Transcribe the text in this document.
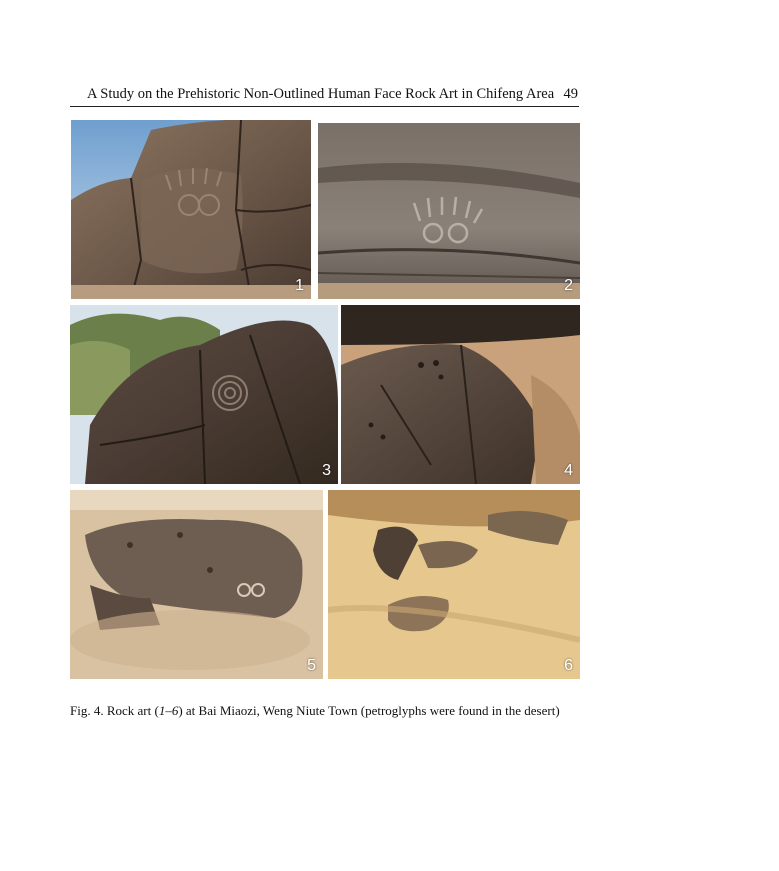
A Study on the Prehistoric Non-Outlined Human Face Rock Art in Chifeng Area 49
1	2
3	4
5	6
Fig. 4. Rock art (1–6) at Bai Miaozi, Weng Niute Town (petroglyphs were found in the desert)
